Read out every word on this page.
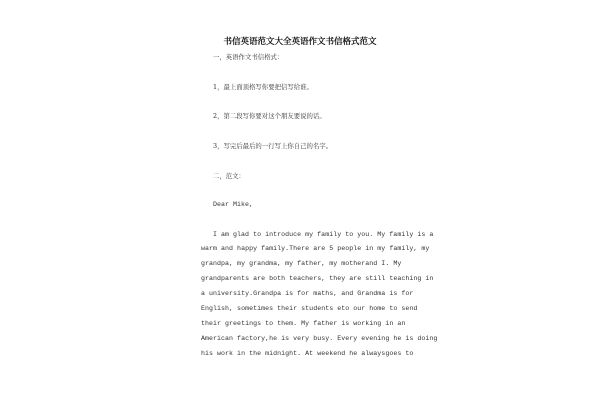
书信英语范文大全英语作文书信格式范文
一，英语作文书信格式：
1，最上面顶格写你要把信写给谁。
2，第二段写你要对这个朋友要说的话。
3，写完后最后的一行写上你自己的名字。
二，范文：
Dear Mike,
I am glad to introduce my family to you. My family is a
warm and happy family.There are 5 people in my family, my
grandpa, my grandma, my father, my motherand I. My
grandparents are both teachers, they are still teaching in
a university.Grandpa is for maths, and Grandma is for
English, sometimes their students eto our home to send
their greetings to them. My father is working in an
American factory,he is very busy. Every evening he is doing
his work in the midnight. At weekend he alwaysgoes to
